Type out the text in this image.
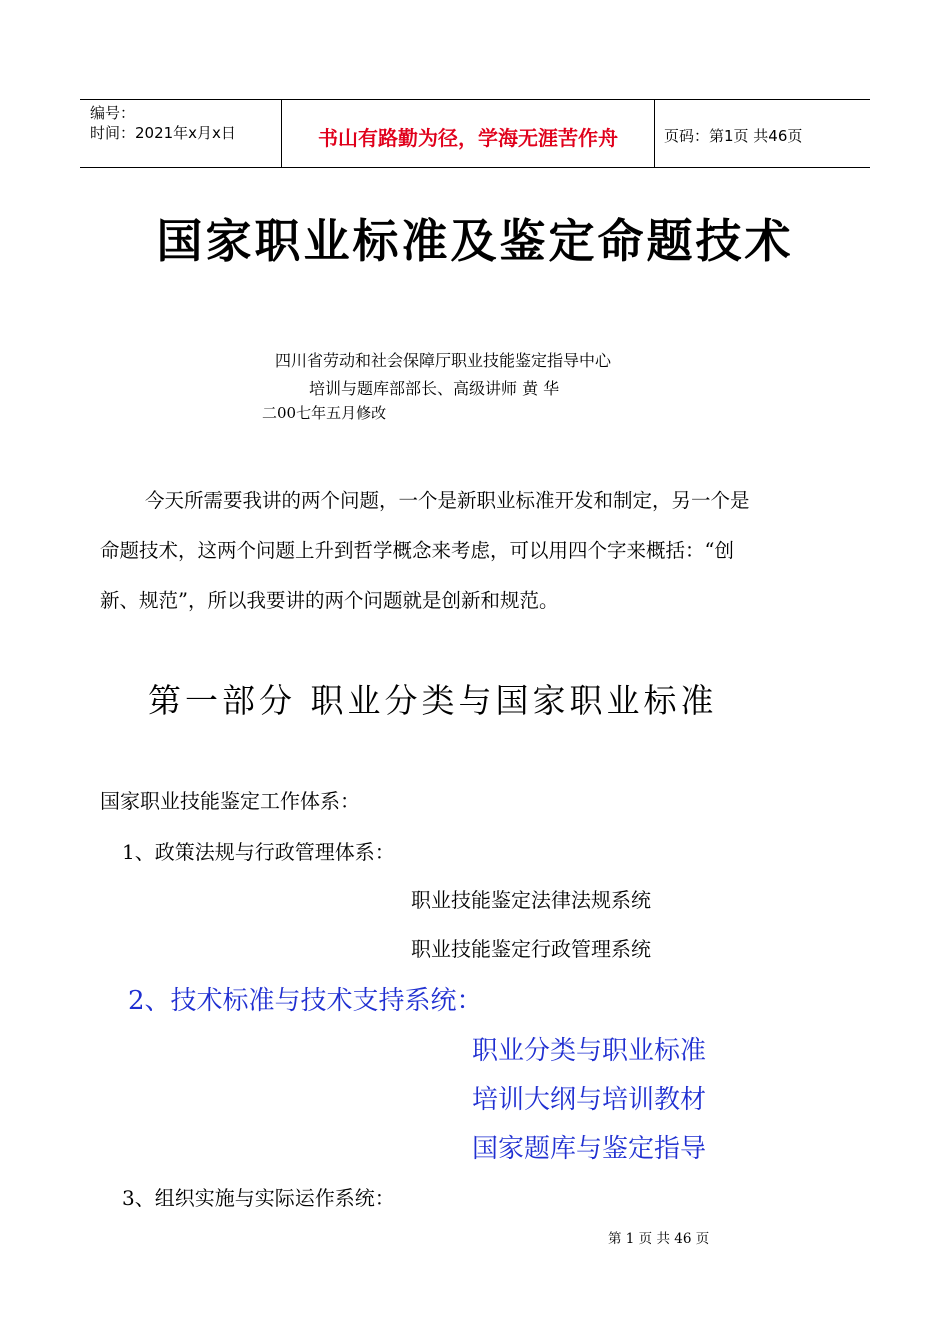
编号：
时间：2021年x月x日	书山有路勤为径，学海无涯苦作舟	页码：第1页 共46页
国家职业标准及鉴定命题技术
四川省劳动和社会保障厅职业技能鉴定指导中心
培训与题库部部长、高级讲师 黄 华
二00七年五月修改
今天所需要我讲的两个问题，一个是新职业标准开发和制定，另一个是
命题技术，这两个问题上升到哲学概念来考虑，可以用四个字来概括：“创
新、规范”，所以我要讲的两个问题就是创新和规范。
第一部分 职业分类与国家职业标准
国家职业技能鉴定工作体系：
1、政策法规与行政管理体系：
职业技能鉴定法律法规系统
职业技能鉴定行政管理系统
2、技术标准与技术支持系统：
职业分类与职业标准
培训大纲与培训教材
国家题库与鉴定指导
3、组织实施与实际运作系统：
第 1 页 共 46 页
